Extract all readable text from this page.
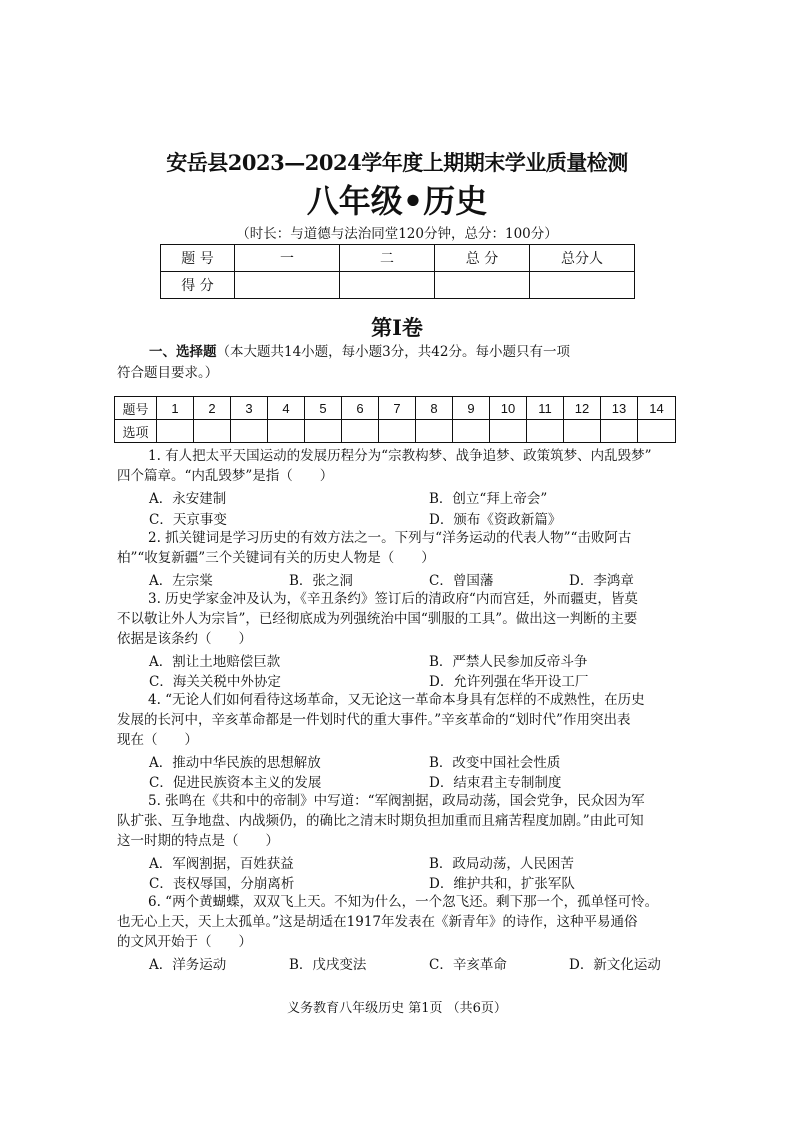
安岳县2023—2024学年度上期期末学业质量检测
八年级•历史
（时长：与道德与法治同堂120分钟，总分：100分）
题 号	一	二	总 分	总分人
得 分				
第Ⅰ卷
一、选择题（本大题共14小题，每小题3分，共42分。每小题只有一项
符合题目要求。）
题号	1	2	3	4	5	6	7	8	9	10	11	12	13	14
选项														
1. 有人把太平天国运动的发展历程分为“宗教构梦、战争追梦、政策筑梦、内乱毁梦”
四个篇章。“内乱毁梦”是指（　　）
A．永安建制	B．创立“拜上帝会”
C．天京事变	D．颁布《资政新篇》
2. 抓关键词是学习历史的有效方法之一。下列与“洋务运动的代表人物”“击败阿古
柏”“收复新疆”三个关键词有关的历史人物是（　　）
A．左宗棠	B．张之洞	C．曾国藩	D．李鸿章
3. 历史学家金冲及认为，《辛丑条约》签订后的清政府“内而宫廷，外而疆吏，皆莫
不以敬让外人为宗旨”，已经彻底成为列强统治中国“驯服的工具”。做出这一判断的主要
依据是该条约（　　）
A．割让土地赔偿巨款	B．严禁人民参加反帝斗争
C．海关关税中外协定	D．允许列强在华开设工厂
4. “无论人们如何看待这场革命，又无论这一革命本身具有怎样的不成熟性，在历史
发展的长河中，辛亥革命都是一件划时代的重大事件。”辛亥革命的“划时代”作用突出表
现在（　　）
A．推动中华民族的思想解放	B．改变中国社会性质
C．促进民族资本主义的发展	D．结束君主专制制度
5. 张鸣在《共和中的帝制》中写道：“军阀割据，政局动荡，国会党争，民众因为军
队扩张、互争地盘、内战频仍，的确比之清末时期负担加重而且痛苦程度加剧。”由此可知
这一时期的特点是（　　）
A．军阀割据，百姓获益	B．政局动荡，人民困苦
C．丧权辱国，分崩离析	D．维护共和，扩张军队
6. “两个黄蝴蝶，双双飞上天。不知为什么，一个忽飞还。剩下那一个，孤单怪可怜。
也无心上天，天上太孤单。”这是胡适在1917年发表在《新青年》的诗作，这种平易通俗
的文风开始于（　　）
A．洋务运动	B．戊戌变法	C．辛亥革命	D．新文化运动
义务教育八年级历史 第1页 （共6页）
